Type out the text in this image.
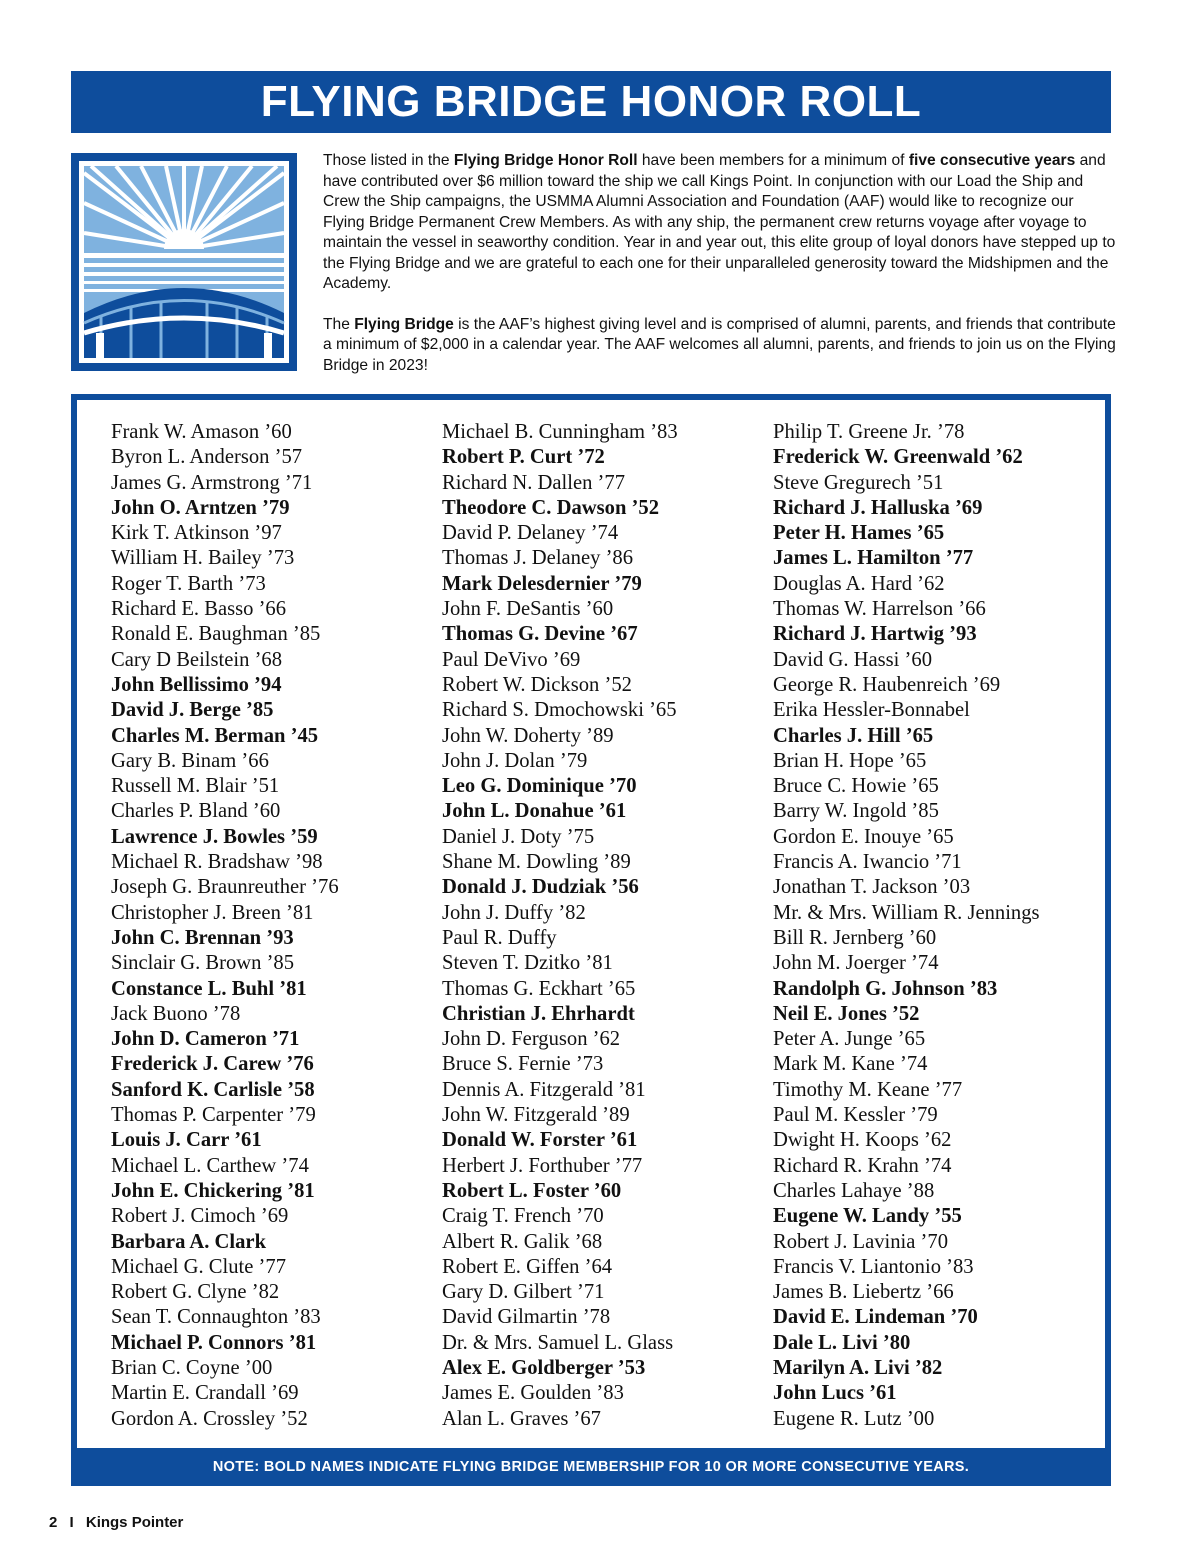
FLYING BRIDGE HONOR ROLL

Those listed in the Flying Bridge Honor Roll have been members for a minimum of five consecutive years and have contributed over $6 million toward the ship we call Kings Point. In conjunction with our Load the Ship and Crew the Ship campaigns, the USMMA Alumni Association and Foundation (AAF) would like to recognize our Flying Bridge Permanent Crew Members. As with any ship, the permanent crew returns voyage after voyage to maintain the vessel in seaworthy condition. Year in and year out, this elite group of loyal donors have stepped up to the Flying Bridge and we are grateful to each one for their unparalleled generosity toward the Midshipmen and the Academy.

The Flying Bridge is the AAF’s highest giving level and is comprised of alumni, parents, and friends that contribute a minimum of $2,000 in a calendar year. The AAF welcomes all alumni, parents, and friends to join us on the Flying Bridge in 2023!

Frank W. Amason ’60
Byron L. Anderson ’57
James G. Armstrong ’71
John O. Arntzen ’79
Kirk T. Atkinson ’97
William H. Bailey ’73
Roger T. Barth ’73
Richard E. Basso ’66
Ronald E. Baughman ’85
Cary D Beilstein ’68
John Bellissimo ’94
David J. Berge ’85
Charles M. Berman ’45
Gary B. Binam ’66
Russell M. Blair ’51
Charles P. Bland ’60
Lawrence J. Bowles ’59
Michael R. Bradshaw ’98
Joseph G. Braunreuther ’76
Christopher J. Breen ’81
John C. Brennan ’93
Sinclair G. Brown ’85
Constance L. Buhl ’81
Jack Buono ’78
John D. Cameron ’71
Frederick J. Carew ’76
Sanford K. Carlisle ’58
Thomas P. Carpenter ’79
Louis J. Carr ’61
Michael L. Carthew ’74
John E. Chickering ’81
Robert J. Cimoch ’69
Barbara A. Clark
Michael G. Clute ’77
Robert G. Clyne ’82
Sean T. Connaughton ’83
Michael P. Connors ’81
Brian C. Coyne ’00
Martin E. Crandall ’69
Gordon A. Crossley ’52
Michael B. Cunningham ’83
Robert P. Curt ’72
Richard N. Dallen ’77
Theodore C. Dawson ’52
David P. Delaney ’74
Thomas J. Delaney ’86
Mark Delesdernier ’79
John F. DeSantis ’60
Thomas G. Devine ’67
Paul DeVivo ’69
Robert W. Dickson ’52
Richard S. Dmochowski ’65
John W. Doherty ’89
John J. Dolan ’79
Leo G. Dominique ’70
John L. Donahue ’61
Daniel J. Doty ’75
Shane M. Dowling ’89
Donald J. Dudziak ’56
John J. Duffy ’82
Paul R. Duffy
Steven T. Dzitko ’81
Thomas G. Eckhart ’65
Christian J. Ehrhardt
John D. Ferguson ’62
Bruce S. Fernie ’73
Dennis A. Fitzgerald ’81
John W. Fitzgerald ’89
Donald W. Forster ’61
Herbert J. Forthuber ’77
Robert L. Foster ’60
Craig T. French ’70
Albert R. Galik ’68
Robert E. Giffen ’64
Gary D. Gilbert ’71
David Gilmartin ’78
Dr. & Mrs. Samuel L. Glass
Alex E. Goldberger ’53
James E. Goulden ’83
Alan L. Graves ’67
Philip T. Greene Jr. ’78
Frederick W. Greenwald ’62
Steve Gregurech ’51
Richard J. Halluska ’69
Peter H. Hames ’65
James L. Hamilton ’77
Douglas A. Hard ’62
Thomas W. Harrelson ’66
Richard J. Hartwig ’93
David G. Hassi ’60
George R. Haubenreich ’69
Erika Hessler-Bonnabel
Charles J. Hill ’65
Brian H. Hope ’65
Bruce C. Howie ’65
Barry W. Ingold ’85
Gordon E. Inouye ’65
Francis A. Iwancio ’71
Jonathan T. Jackson ’03
Mr. & Mrs. William R. Jennings
Bill R. Jernberg ’60
John M. Joerger ’74
Randolph G. Johnson ’83
Neil E. Jones ’52
Peter A. Junge ’65
Mark M. Kane ’74
Timothy M. Keane ’77
Paul M. Kessler ’79
Dwight H. Koops ’62
Richard R. Krahn ’74
Charles Lahaye ’88
Eugene W. Landy ’55
Robert J. Lavinia ’70
Francis V. Liantonio ’83
James B. Liebertz ’66
David E. Lindeman ’70
Dale L. Livi ’80
Marilyn A. Livi ’82
John Lucs ’61
Eugene R. Lutz ’00
NOTE: BOLD NAMES INDICATE FLYING BRIDGE MEMBERSHIP FOR 10 OR MORE CONSECUTIVE YEARS.
2 I Kings Pointer
